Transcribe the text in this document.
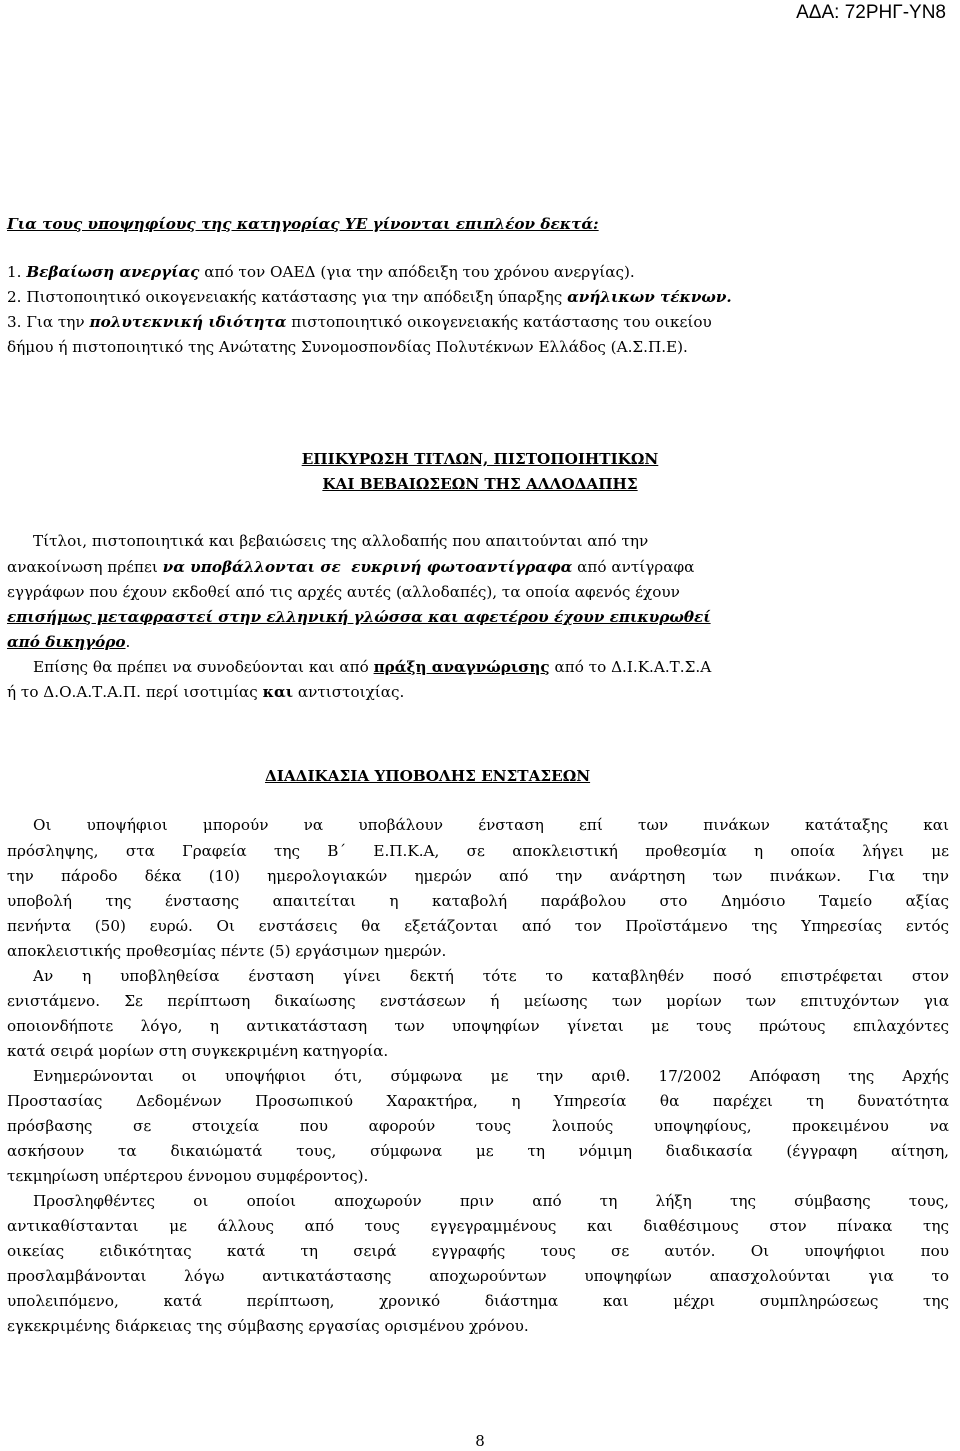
ΑΔΑ: 72ΡΗΓ-ΥΝ8
Για τους υποψηφίους της κατηγορίας ΥΕ γίνονται επιπλέον δεκτά:
1. Βεβαίωση ανεργίας από τον ΟΑΕΔ (για την απόδειξη του χρόνου ανεργίας).
2. Πιστοποιητικό οικογενειακής κατάστασης για την απόδειξη ύπαρξης ανήλικων τέκνων.
3. Για την πολυτεκνική ιδιότητα πιστοποιητικό οικογενειακής κατάστασης του οικείου
δήμου ή πιστοποιητικό της Ανώτατης Συνομοσπονδίας Πολυτέκνων Ελλάδος (Α.Σ.Π.Ε).
ΕΠΙΚΥΡΩΣΗ ΤΙΤΛΩΝ, ΠΙΣΤΟΠΟΙΗΤΙΚΩΝ
ΚΑΙ ΒΕΒΑΙΩΣΕΩΝ ΤΗΣ ΑΛΛΟΔΑΠΗΣ
Τίτλοι, πιστοποιητικά και βεβαιώσεις της αλλοδαπής που απαιτούνται από την
ανακοίνωση πρέπει να υποβάλλονται σε  ευκρινή φωτοαντίγραφα από αντίγραφα
εγγράφων που έχουν εκδοθεί από τις αρχές αυτές (αλλοδαπές), τα οποία αφενός έχουν
επισήμως μεταφραστεί στην ελληνική γλώσσα και αφετέρου έχουν επικυρωθεί
από δικηγόρο.
Επίσης θα πρέπει να συνοδεύονται και από πράξη αναγνώρισης από το Δ.Ι.Κ.Α.Τ.Σ.Α
ή το Δ.Ο.Α.Τ.Α.Π. περί ισοτιμίας και αντιστοιχίας.
ΔΙΑΔΙΚΑΣΙΑ ΥΠΟΒΟΛΗΣ ΕΝΣΤΑΣΕΩΝ
Οι υποψήφιοι μπορούν να υποβάλουν ένσταση επί των πινάκων κατάταξης και
πρόσληψης, στα Γραφεία της Β΄ Ε.Π.Κ.Α, σε αποκλειστική προθεσμία η οποία λήγει με
την πάροδο δέκα (10) ημερολογιακών ημερών από την ανάρτηση των πινάκων. Για την
υποβολή της ένστασης απαιτείται η καταβολή παράβολου στο Δημόσιο Ταμείο αξίας
πενήντα (50) ευρώ. Οι ενστάσεις θα εξετάζονται από τον Προϊστάμενο της Υπηρεσίας εντός
αποκλειστικής προθεσμίας πέντε (5) εργάσιμων ημερών.
Αν η υποβληθείσα ένσταση γίνει δεκτή τότε το καταβληθέν ποσό επιστρέφεται στον
ενιστάμενο. Σε περίπτωση δικαίωσης ενστάσεων ή μείωσης των μορίων των επιτυχόντων για
οποιονδήποτε λόγο, η αντικατάσταση των υποψηφίων γίνεται με τους πρώτους επιλαχόντες
κατά σειρά μορίων στη συγκεκριμένη κατηγορία.
Ενημερώνονται οι υποψήφιοι ότι, σύμφωνα με την αριθ. 17/2002 Απόφαση της Αρχής
Προστασίας Δεδομένων Προσωπικού Χαρακτήρα, η Υπηρεσία θα παρέχει τη δυνατότητα
πρόσβασης σε στοιχεία που αφορούν τους λοιπούς υποψηφίους, προκειμένου να
ασκήσουν τα δικαιώματά τους, σύμφωνα με τη νόμιμη διαδικασία (έγγραφη αίτηση,
τεκμηρίωση υπέρτερου έννομου συμφέροντος).
Προσληφθέντες οι οποίοι αποχωρούν πριν από τη λήξη της σύμβασης τους,
αντικαθίστανται με άλλους από τους εγγεγραμμένους και διαθέσιμους στον πίνακα της
οικείας ειδικότητας κατά τη σειρά εγγραφής τους σε αυτόν. Οι υποψήφιοι που
προσλαμβάνονται λόγω αντικατάστασης αποχωρούντων υποψηφίων απασχολούνται για το
υπολειπόμενο, κατά περίπτωση, χρονικό διάστημα και μέχρι συμπληρώσεως της
εγκεκριμένης διάρκειας της σύμβασης εργασίας ορισμένου χρόνου.
8
